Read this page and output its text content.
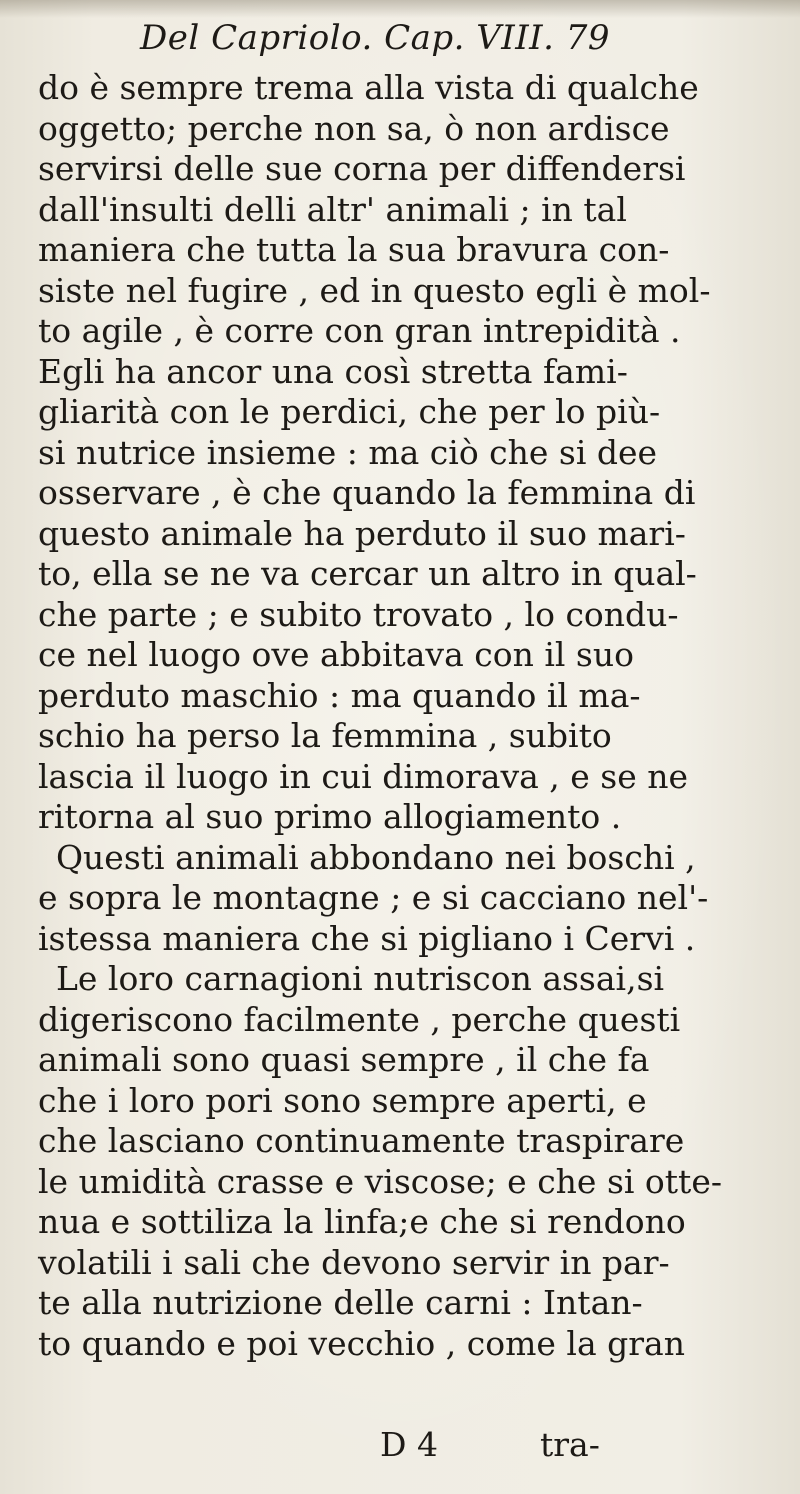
Del Capriolo. Cap. VIII. 79
do è sempre trema alla vista di qualche
oggetto; perche non sa, ò non ardisce
servirsi delle sue corna per diffendersi
dall'insulti delli altr' animali ; in tal
maniera che tutta la sua bravura con-
siste nel fugire , ed in questo egli è mol-
to agile , è corre con gran intrepidità .
Egli ha ancor una così stretta fami-
gliarità con le perdici, che per lo più-
si nutrice insieme : ma ciò che si dee
osservare , è che quando la femmina di
questo animale ha perduto il suo mari-
to, ella se ne va cercar un altro in qual-
che parte ; e subito trovato , lo condu-
ce nel luogo ove abbitava con il suo
perduto maschio : ma quando il ma-
schio ha perso la femmina , subito
lascia il luogo in cui dimorava , e se ne
ritorna al suo primo allogiamento .
Questi animali abbondano nei boschi ,
e sopra le montagne ; e si cacciano nel'-
istessa maniera che si pigliano i Cervi .
Le loro carnagioni nutriscon assai,si
digeriscono facilmente , perche questi
animali sono quasi sempre , il che fa
che i loro pori sono sempre aperti, e
che lasciano continuamente traspirare
le umidità crasse e viscose; e che si otte-
nua e sottiliza la linfa;e che si rendono
volatili i sali che devono servir in par-
te alla nutrizione delle carni : Intan-
to quando e poi vecchio , come la gran
D 4	tra-
